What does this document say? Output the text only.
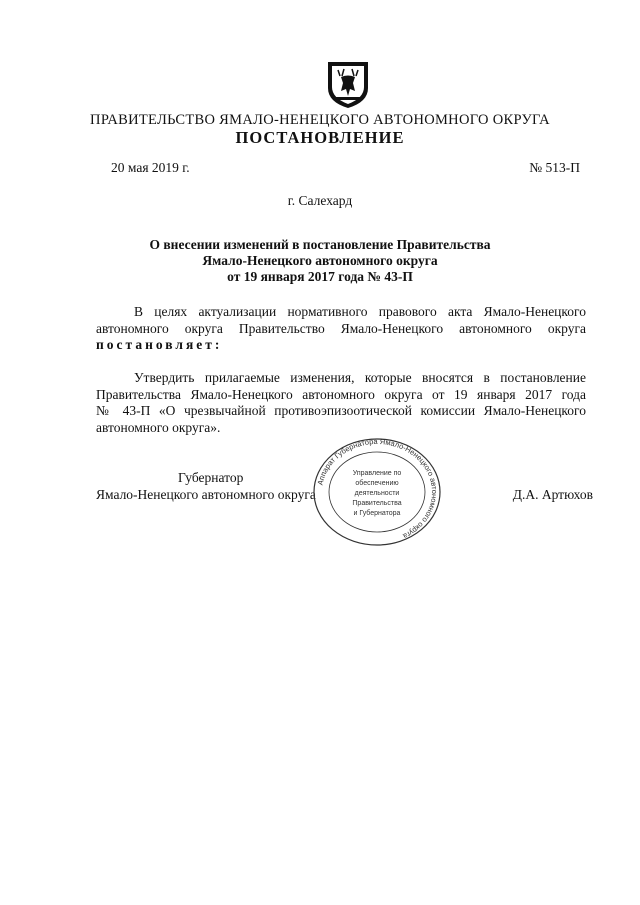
ПРАВИТЕЛЬСТВО ЯМАЛО-НЕНЕЦКОГО АВТОНОМНОГО ОКРУГА
ПОСТАНОВЛЕНИЕ
20 мая 2019 г.	№ 513-П
г. Салехард
О внесении изменений в постановление Правительства
Ямало-Ненецкого автономного округа
от 19 января 2017 года № 43-П
В целях актуализации нормативного правового акта Ямало-Ненецкого
автономного округа Правительство Ямало-Ненецкого автономного округа
постановляет:
Утвердить прилагаемые изменения, которые вносятся в постановление
Правительства Ямало-Ненецкого автономного округа от 19 января 2017 года
№ 43-П «О чрезвычайной противоэпизоотической комиссии Ямало-Ненецкого
автономного округа».
Губернатор
Ямало-Ненецкого автономного округа	Д.А. Артюхов
Аппарат Губернатора Ямало-Ненецкого автономного округа
Управление по
обеспечению
деятельности
Правительства
и Губернатора
